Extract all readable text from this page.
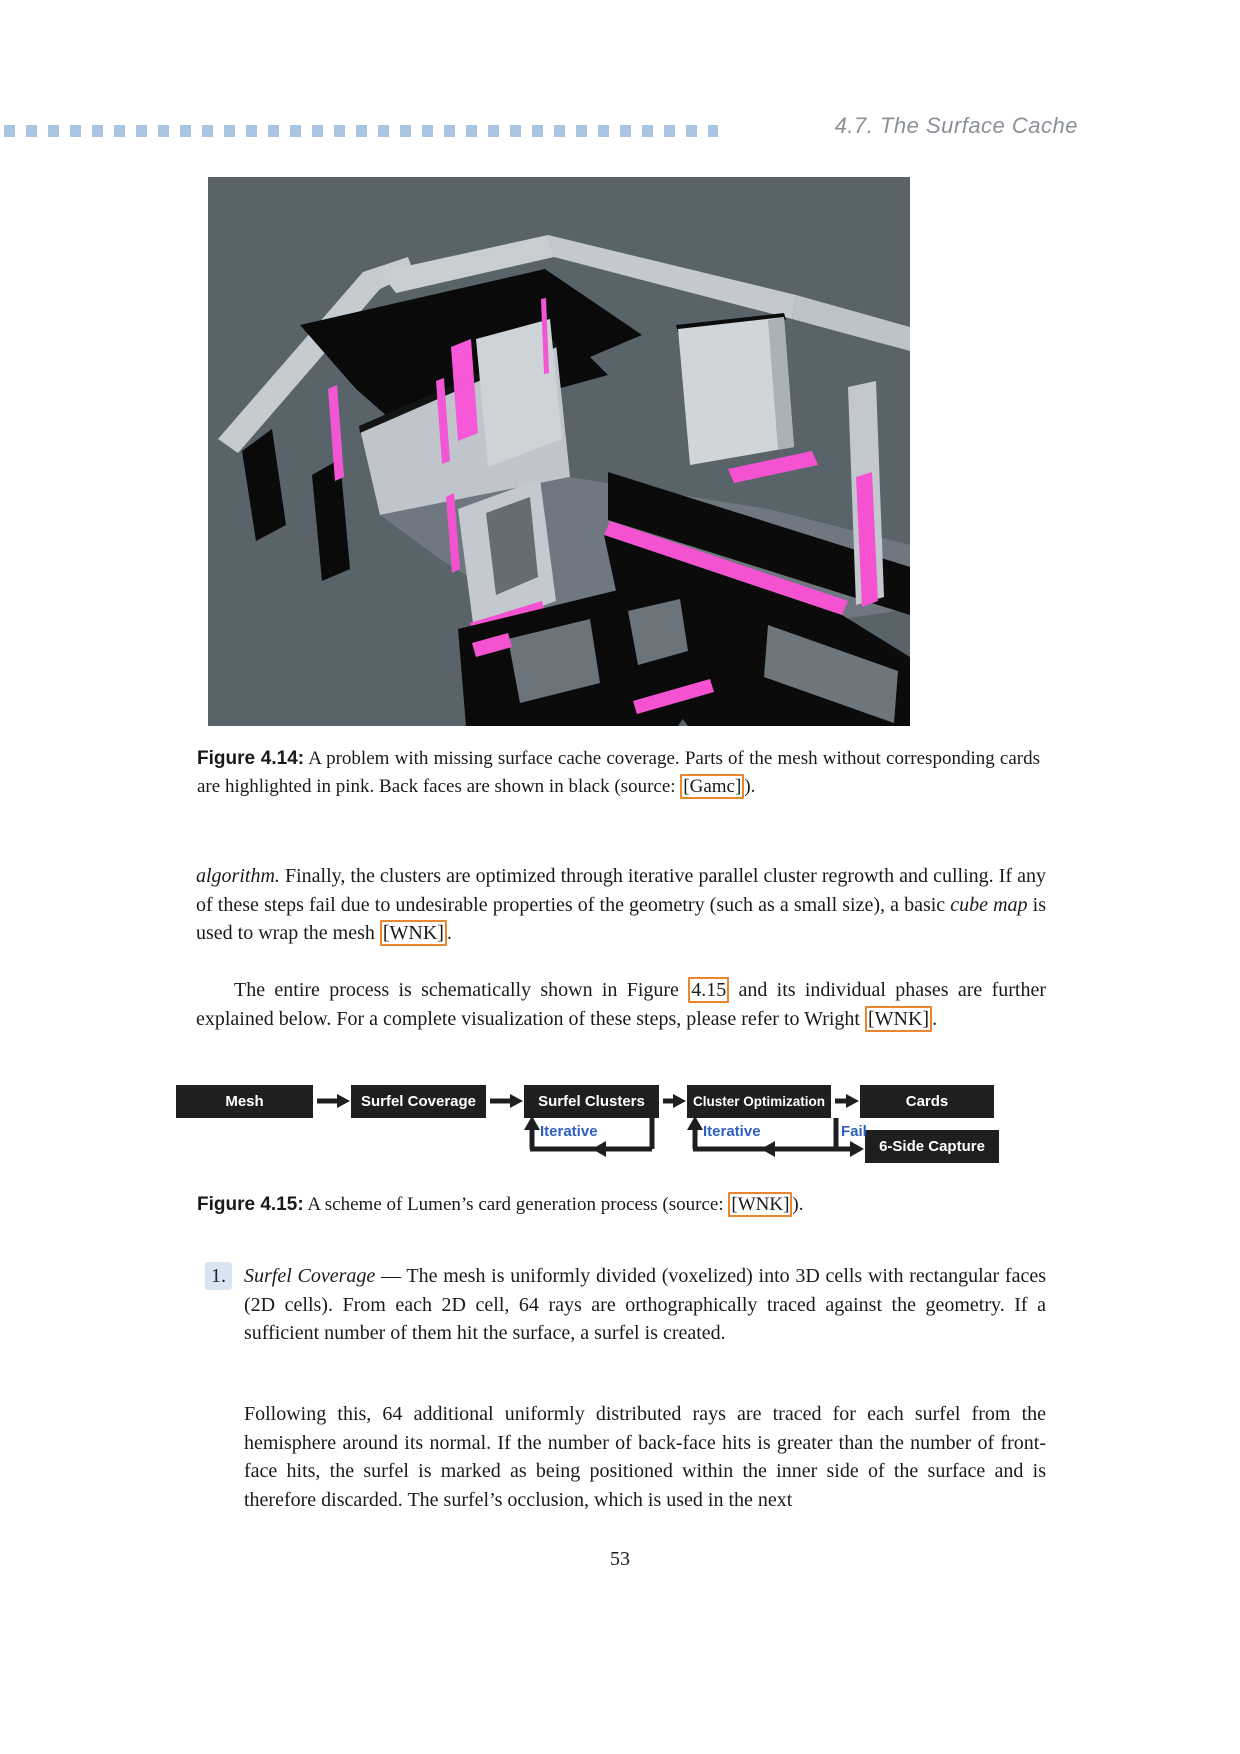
4.7. The Surface Cache
Figure 4.14: A problem with missing surface cache coverage. Parts of the mesh without corresponding cards are highlighted in pink. Back faces are shown in black (source: [Gamc] ).
algorithm. Finally, the clusters are optimized through iterative parallel cluster regrowth and culling. If any of these steps fail due to undesirable properties of the geometry (such as a small size), a basic cube map is used to wrap the mesh [WNK] .
The entire process is schematically shown in Figure 4.15 and its individual phases are further explained below. For a complete visualization of these steps, please refer to Wright [WNK] .
Mesh	Surfel Coverage	Surfel Clusters	Cluster Optimization	Cards
6-Side Capture
Iterative	Iterative	Fail
Figure 4.15: A scheme of Lumen’s card generation process (source: [WNK] ).
1. Surfel Coverage — The mesh is uniformly divided (voxelized) into 3D cells with rectangular faces (2D cells). From each 2D cell, 64 rays are orthographically traced against the geometry. If a sufficient number of them hit the surface, a surfel is created.
Following this, 64 additional uniformly distributed rays are traced for each surfel from the hemisphere around its normal. If the number of back-face hits is greater than the number of front-face hits, the surfel is marked as being positioned within the inner side of the surface and is therefore discarded. The surfel’s occlusion, which is used in the next
53
